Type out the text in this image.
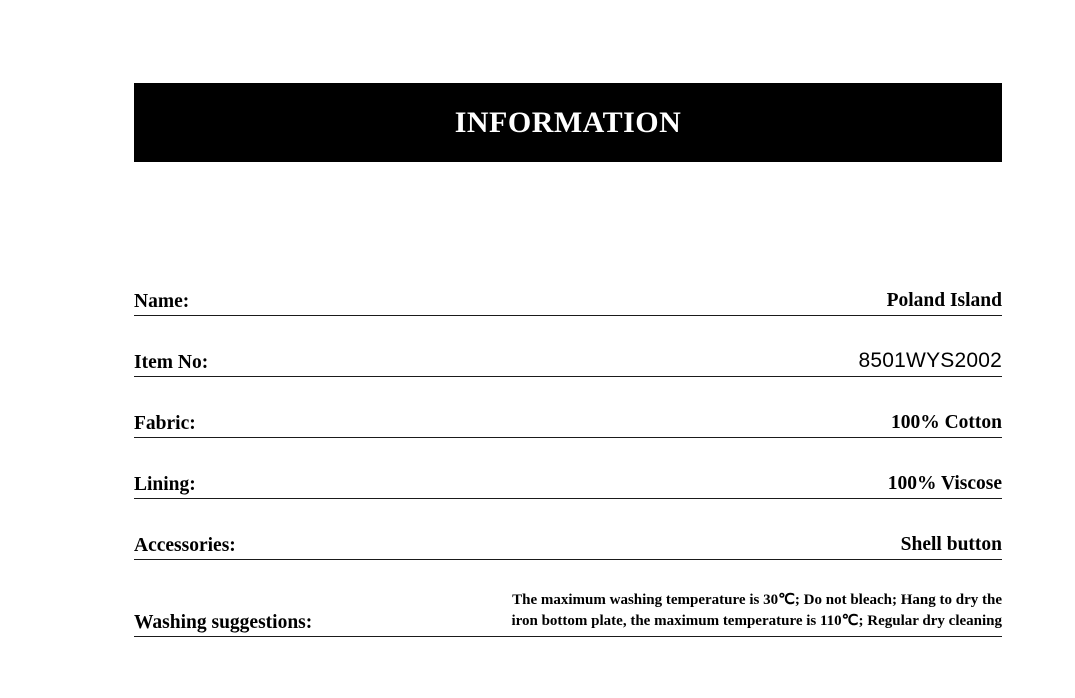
INFORMATION
Name:	Poland Island
Item No:	8501WYS2002
Fabric:	100% Cotton
Lining:	100% Viscose
Accessories:	Shell button
Washing suggestions:
The maximum washing temperature is 30℃; Do not bleach; Hang to dry the
iron bottom plate, the maximum temperature is 110℃; Regular dry cleaning
